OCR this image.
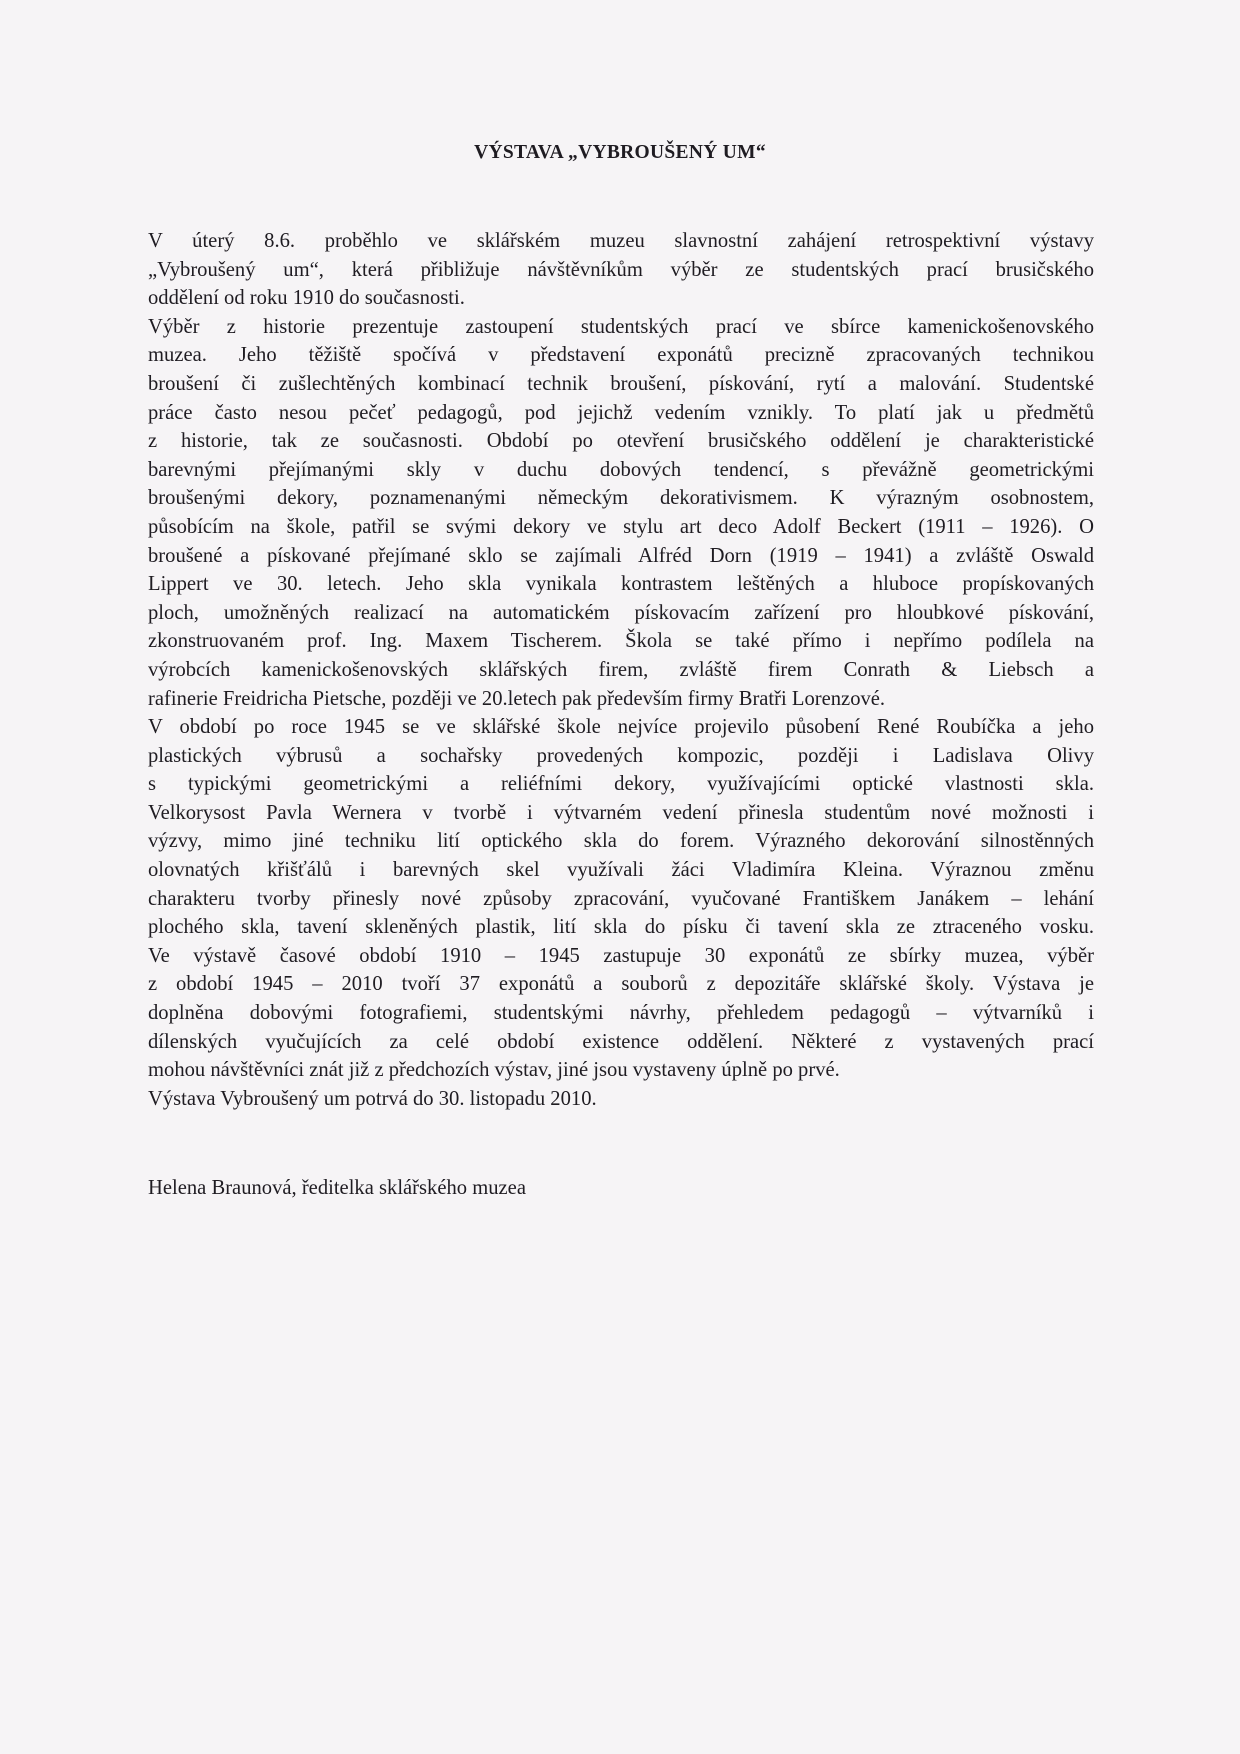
VÝSTAVA „VYBROUŠENÝ UM“
V úterý 8.6. proběhlo ve sklářském muzeu slavnostní zahájení retrospektivní výstavy
„Vybroušený um“, která přibližuje návštěvníkům výběr ze studentských prací brusičského
oddělení od roku 1910 do současnosti.
Výběr z historie prezentuje zastoupení studentských prací ve sbírce kamenickošenovského
muzea. Jeho těžiště spočívá v představení exponátů precizně zpracovaných technikou
broušení či zušlechtěných kombinací technik broušení, pískování, rytí a malování. Studentské
práce často nesou pečeť pedagogů, pod jejichž vedením vznikly. To platí jak u předmětů
z historie, tak ze současnosti. Období po otevření brusičského oddělení je charakteristické
barevnými přejímanými skly v duchu dobových tendencí, s převážně geometrickými
broušenými dekory, poznamenanými německým dekorativismem. K výrazným osobnostem,
působícím na škole, patřil se svými dekory ve stylu art deco Adolf Beckert (1911 – 1926). O
broušené a pískované přejímané sklo se zajímali Alfréd Dorn (1919 – 1941) a zvláště Oswald
Lippert ve 30. letech. Jeho skla vynikala kontrastem leštěných a hluboce propískovaných
ploch, umožněných realizací na automatickém pískovacím zařízení pro hloubkové pískování,
zkonstruovaném prof. Ing. Maxem Tischerem. Škola se také přímo i nepřímo podílela na
výrobcích kamenickošenovských sklářských firem, zvláště firem Conrath & Liebsch a
rafinerie Freidricha Pietsche, později ve 20.letech pak především firmy Bratři Lorenzové.
V období po roce 1945 se ve sklářské škole nejvíce projevilo působení René Roubíčka a jeho
plastických výbrusů a sochařsky provedených kompozic, později i Ladislava Olivy
s typickými geometrickými a reliéfními dekory, využívajícími optické vlastnosti skla.
Velkorysost Pavla Wernera v tvorbě i výtvarném vedení přinesla studentům nové možnosti i
výzvy, mimo jiné techniku lití optického skla do forem. Výrazného dekorování silnostěnných
olovnatých křišťálů i barevných skel využívali žáci Vladimíra Kleina. Výraznou změnu
charakteru tvorby přinesly nové způsoby zpracování, vyučované Františkem Janákem – lehání
plochého skla, tavení skleněných plastik, lití skla do písku či tavení skla ze ztraceného vosku.
Ve výstavě časové období 1910 – 1945 zastupuje 30 exponátů ze sbírky muzea, výběr
z období 1945 – 2010 tvoří 37 exponátů a souborů z depozitáře sklářské školy. Výstava je
doplněna dobovými fotografiemi, studentskými návrhy, přehledem pedagogů – výtvarníků i
dílenských vyučujících za celé období existence oddělení. Některé z vystavených prací
mohou návštěvníci znát již z předchozích výstav, jiné jsou vystaveny úplně po prvé.
Výstava Vybroušený um potrvá do 30. listopadu 2010.
Helena Braunová, ředitelka sklářského muzea
